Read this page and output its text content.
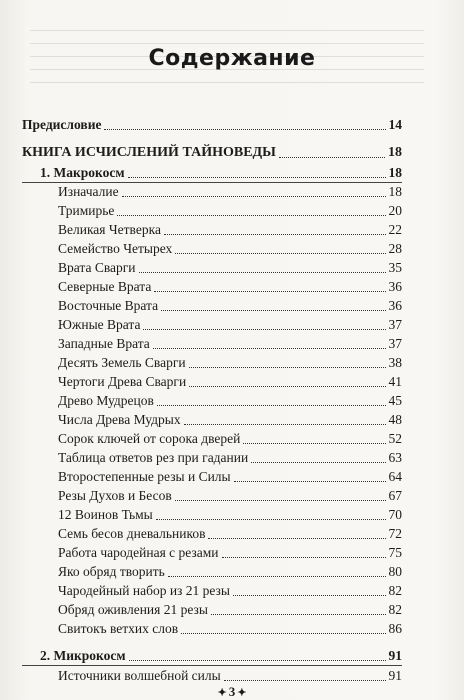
Содержание
Предисловие	14
КНИГА ИСЧИСЛЕНИЙ ТАЙНОВЕДЫ	18
1. Макрокосм	18
Изначалие	18
Тримирье	20
Великая Четверка	22
Семейство Четырех	28
Врата Сварги	35
Северные Врата	36
Восточные Врата	36
Южные Врата	37
Западные Врата	37
Десять Земель Сварги	38
Чертоги Древа Сварги	41
Древо Мудрецов	45
Числа Древа Мудрых	48
Сорок ключей от сорока дверей	52
Таблица ответов рез при гадании	63
Второстепенные резы и Силы	64
Резы Духов и Бесов	67
12 Воинов Тьмы	70
Семь бесов дневальников	72
Работа чародейная с резами	75
Яко обряд творить	80
Чародейный набор из 21 резы	82
Обряд оживления 21 резы	82
Свитокъ ветхих слов	86
2. Микрокосм	91
Источники волшебной силы	91
✦ 3 ✦
